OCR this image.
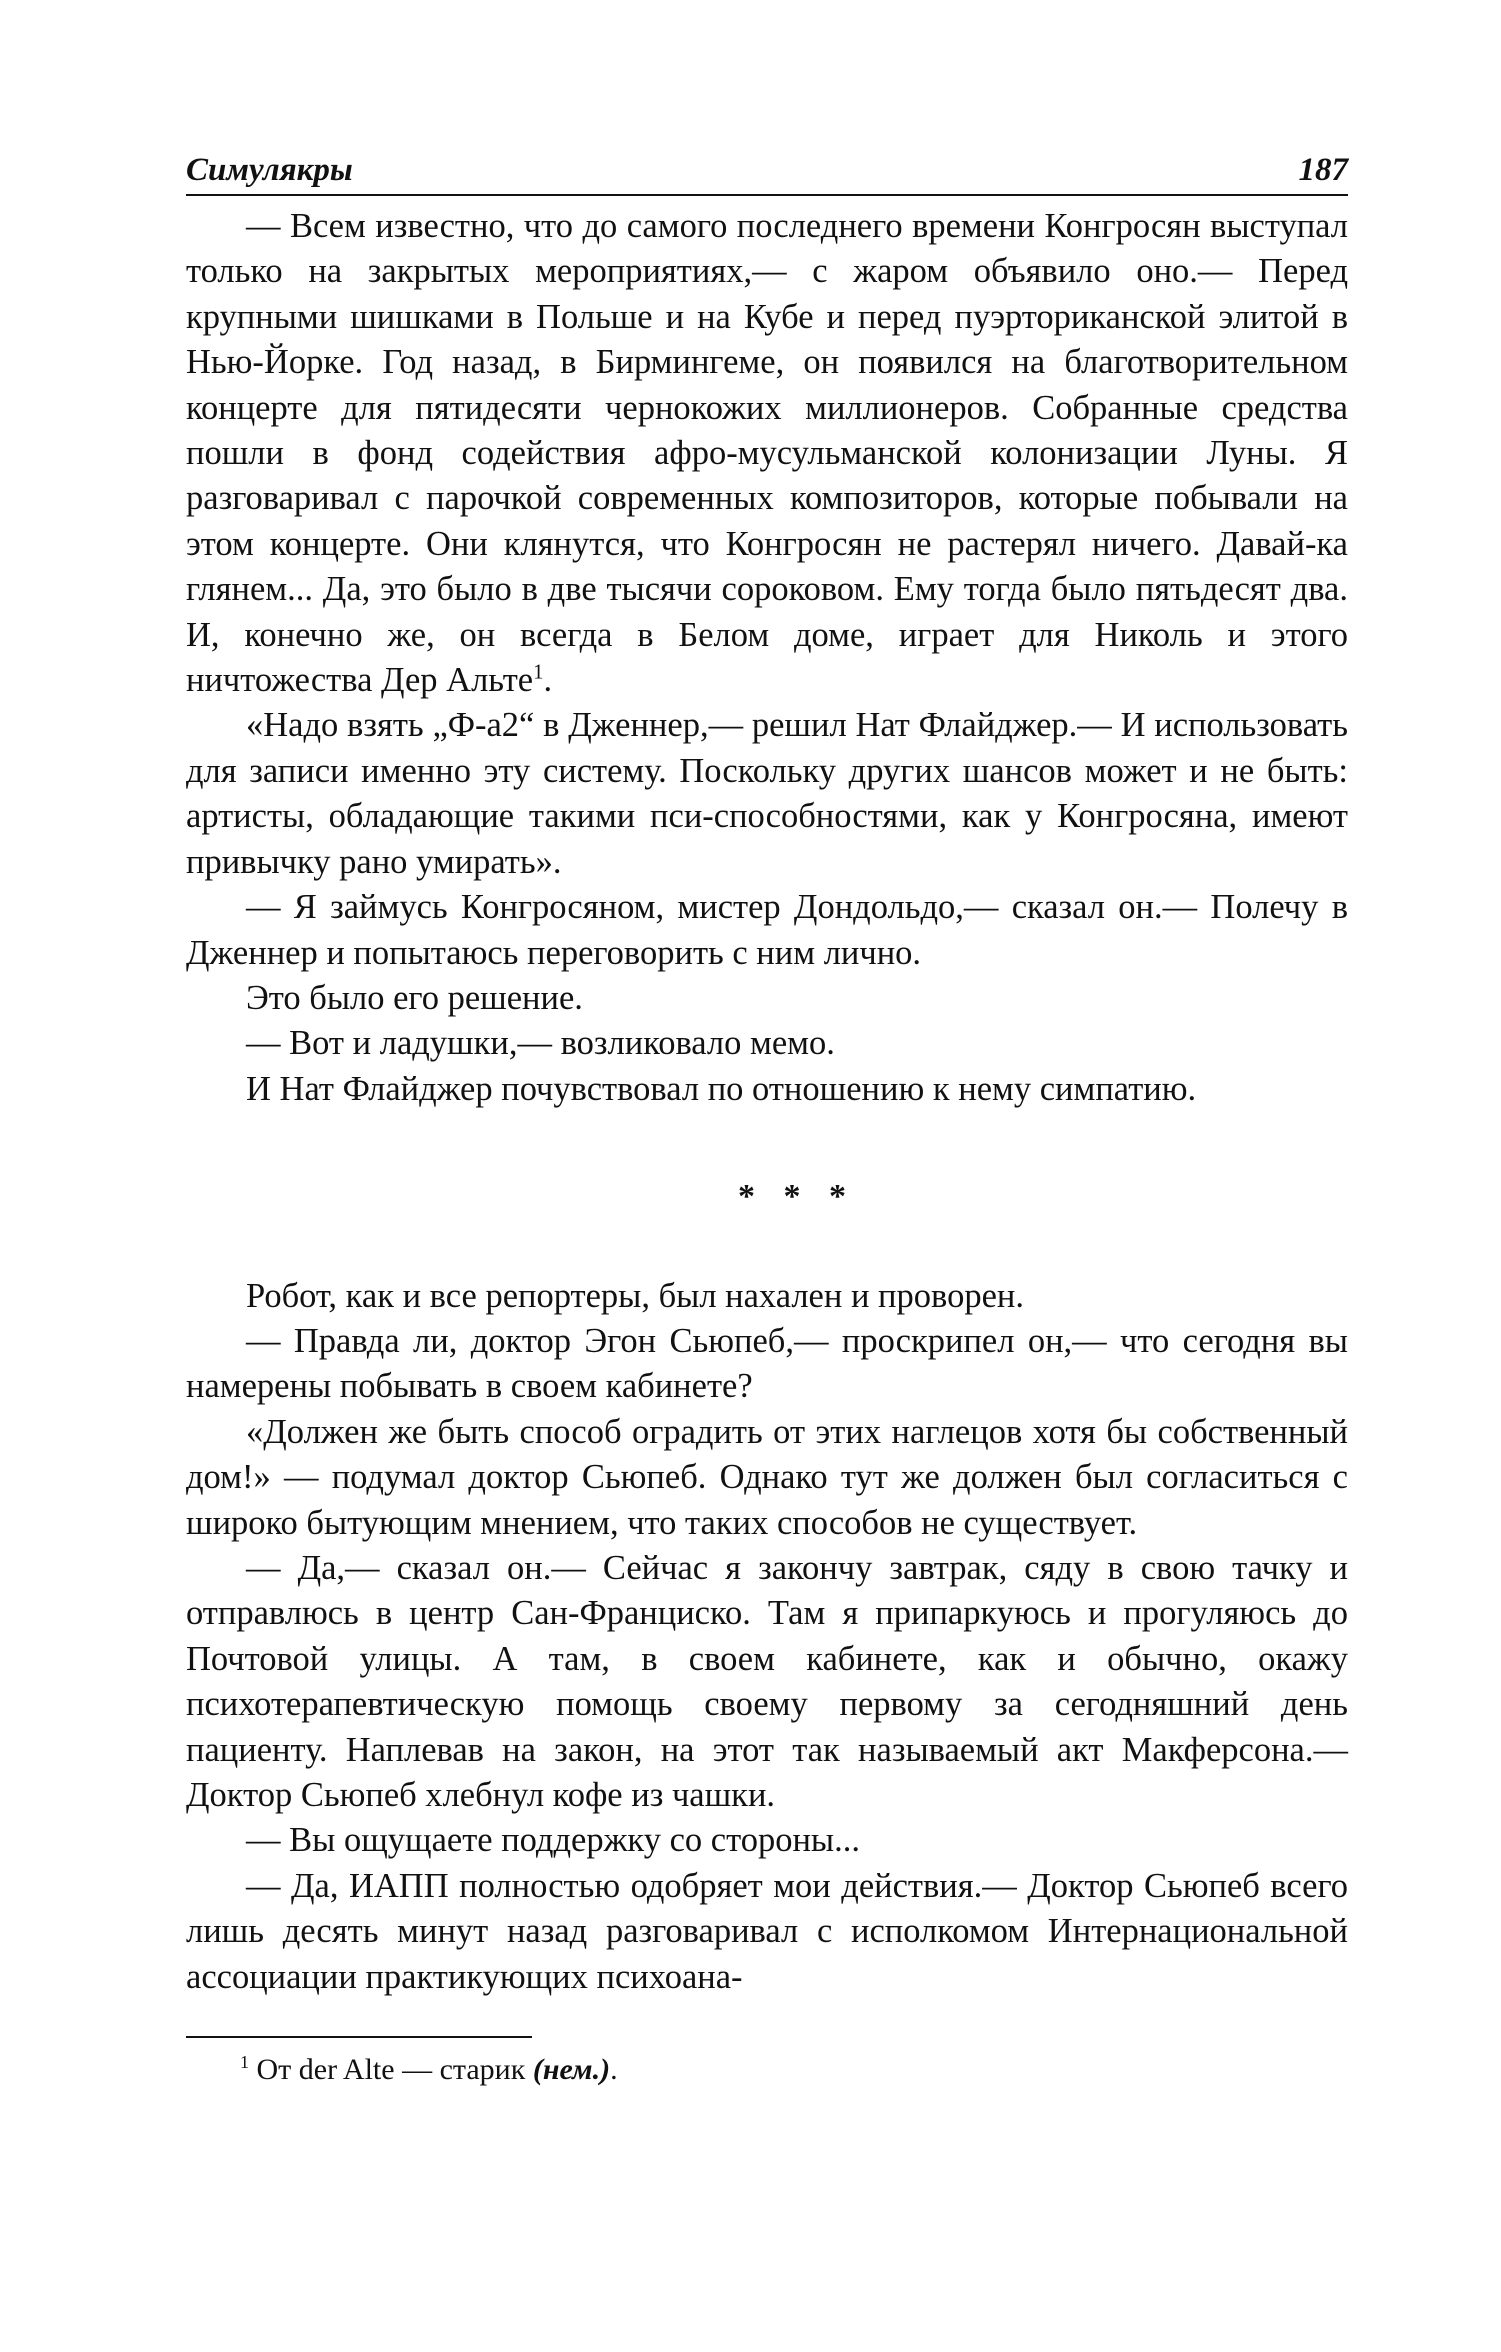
Симулякры	187

— Всем известно, что до самого последнего времени Конгросян выступал только на закрытых мероприятиях,— с жаром объявило оно.— Перед крупными шишками в Польше и на Кубе и перед пуэрториканской элитой в Нью-Йорке. Год назад, в Бирмингеме, он появился на благотворительном концерте для пятидесяти чернокожих миллионеров. Собранные средства пошли в фонд содействия афро-мусульманской колонизации Луны. Я разговаривал с парочкой современных композиторов, которые побывали на этом концерте. Они клянутся, что Конгросян не растерял ничего. Давай-ка глянем... Да, это было в две тысячи сороковом. Ему тогда было пятьдесят два. И, конечно же, он всегда в Белом доме, играет для Николь и этого ничтожества Дер Альте$^1$.

«Надо взять „Ф-а2“ в Дженнер,— решил Нат Флайджер.— И использовать для записи именно эту систему. Поскольку других шансов может и не быть: артисты, обладающие такими пси-способностями, как у Конгросяна, имеют привычку рано умирать».

— Я займусь Конгросяном, мистер Дондольдо,— сказал он.— Полечу в Дженнер и попытаюсь переговорить с ним лично.

Это было его решение.

— Вот и ладушки,— возликовало мемо.

И Нат Флайджер почувствовал по отношению к нему симпатию.

* * *

Робот, как и все репортеры, был нахален и проворен.

— Правда ли, доктор Эгон Сьюпеб,— проскрипел он,— что сегодня вы намерены побывать в своем кабинете?

«Должен же быть способ оградить от этих наглецов хотя бы собственный дом!» — подумал доктор Сьюпеб. Однако тут же должен был согласиться с широко бытующим мнением, что таких способов не существует.

— Да,— сказал он.— Сейчас я закончу завтрак, сяду в свою тачку и отправлюсь в центр Сан-Франциско. Там я припаркуюсь и прогуляюсь до Почтовой улицы. А там, в своем кабинете, как и обычно, окажу психотерапевтическую помощь своему первому за сегодняшний день пациенту. Наплевав на закон, на этот так называемый акт Макферсона.— Доктор Сьюпеб хлебнул кофе из чашки.

— Вы ощущаете поддержку со стороны...

— Да, ИАПП полностью одобряет мои действия.— Доктор Сьюпеб всего лишь десять минут назад разговаривал с исполкомом Интернациональной ассоциации практикующих психоана-

$^1$ От der Alte — старик (нем.).
